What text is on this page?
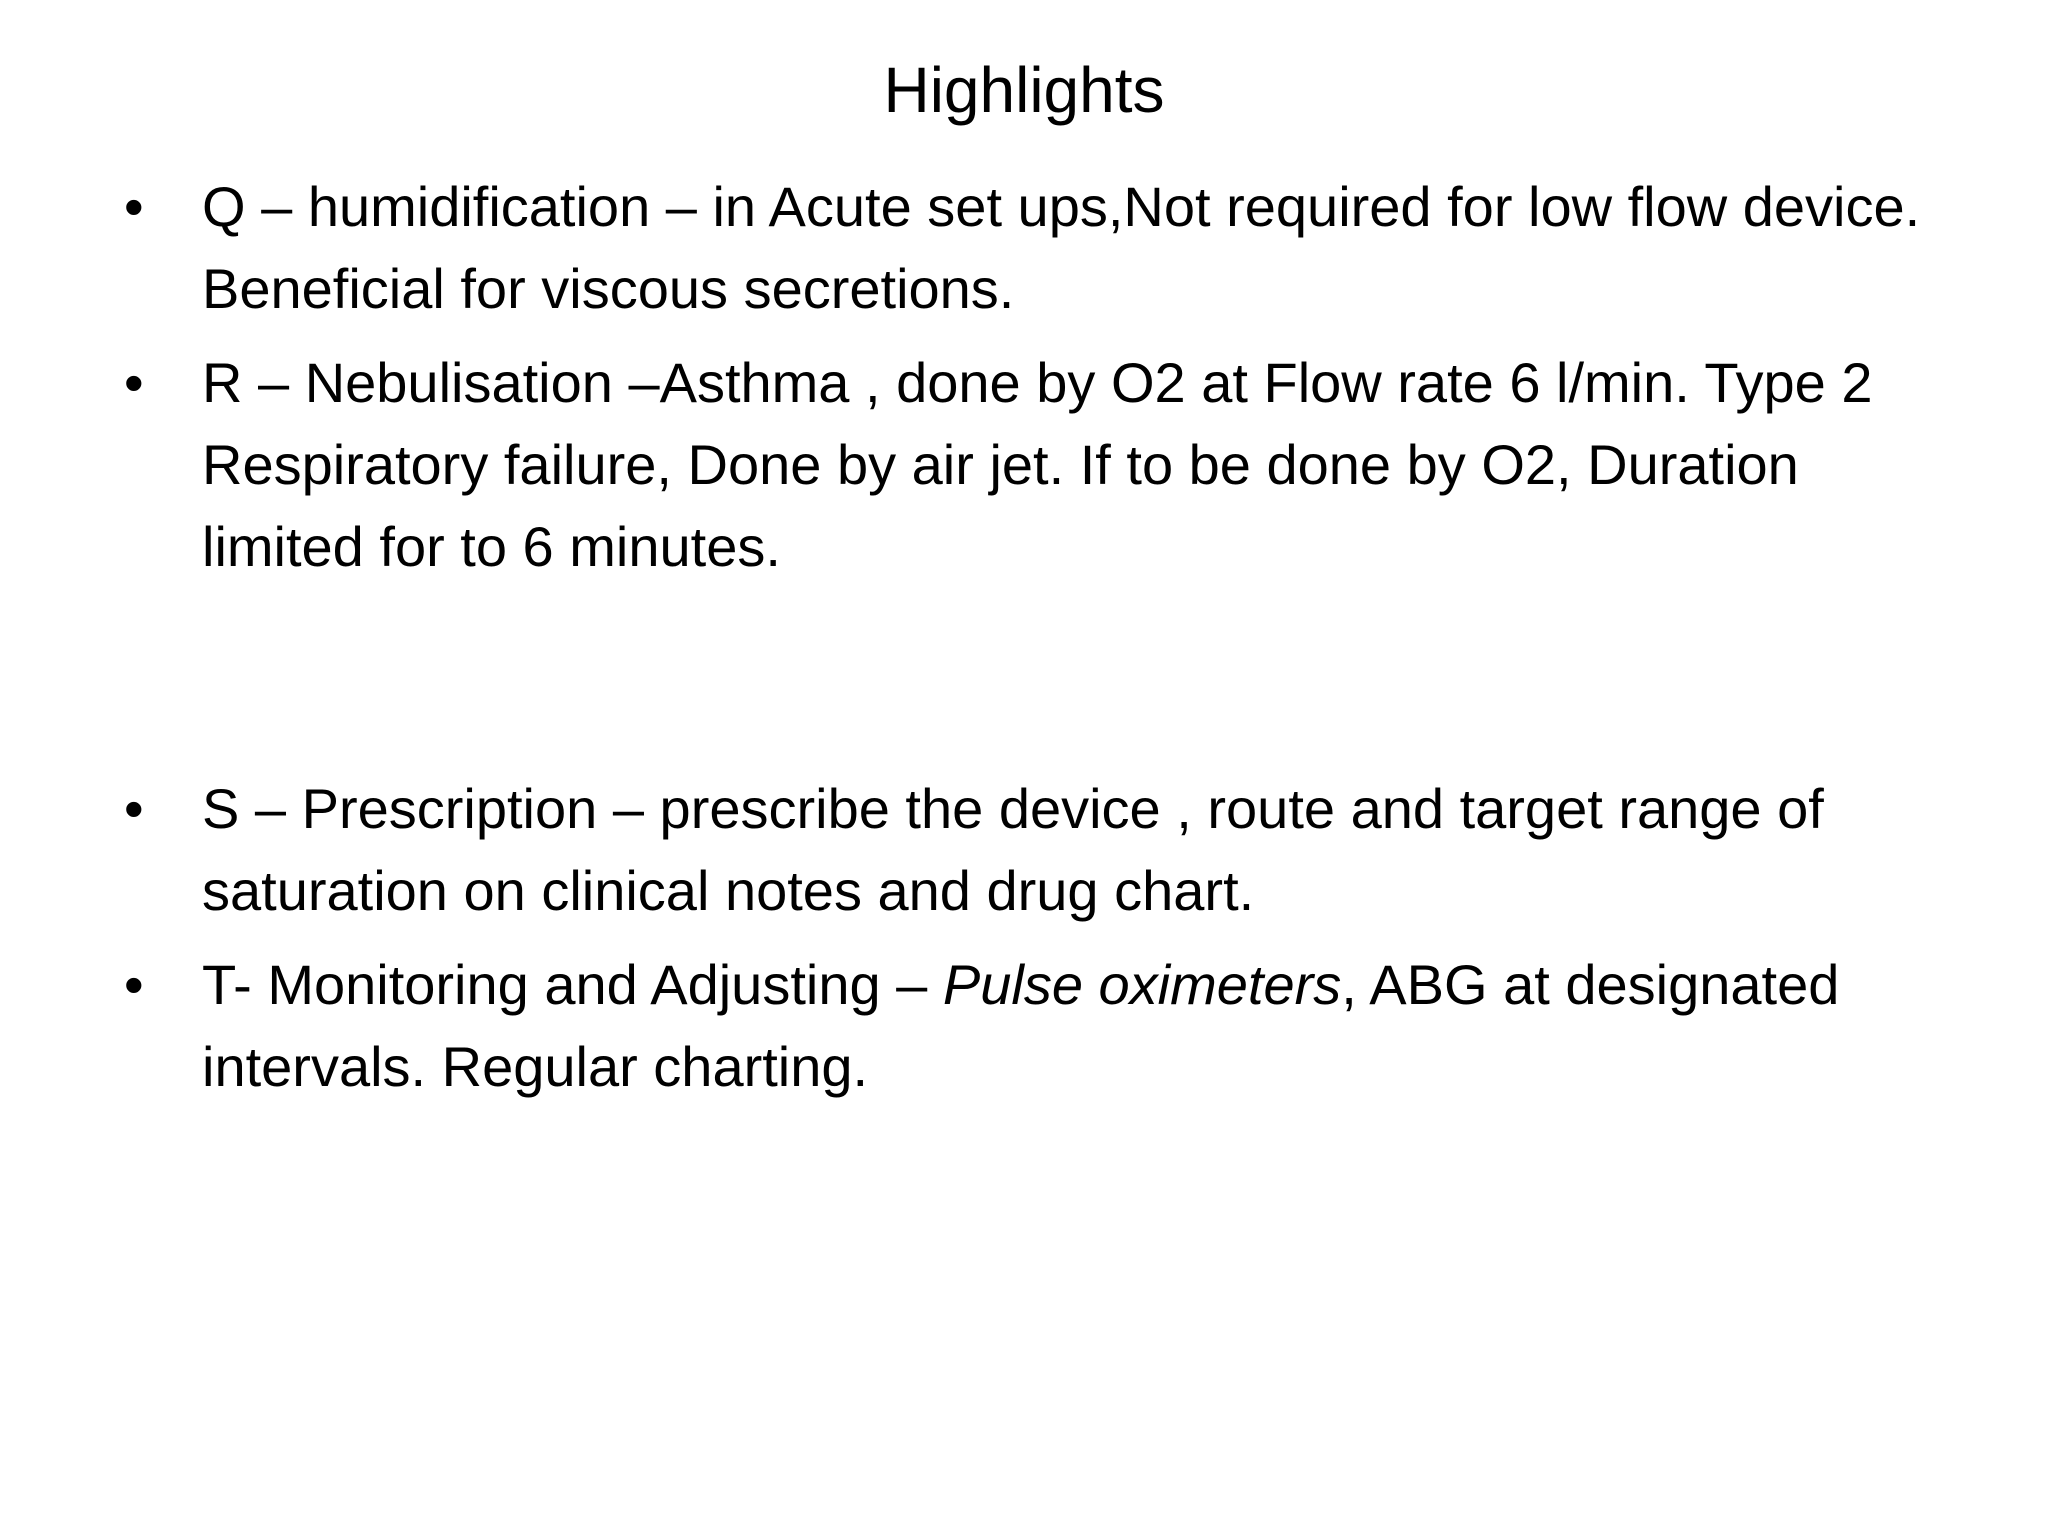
Highlights
• Q – humidification – in Acute set ups,Not required for low flow device. Beneficial for viscous secretions.
• R – Nebulisation –Asthma , done by O2 at Flow rate 6 l/min. Type 2 Respiratory failure, Done by air jet. If to be done by O2, Duration limited for to 6 minutes.
• S – Prescription – prescribe the device , route and target range of saturation on clinical notes and drug chart.
• T- Monitoring and Adjusting – Pulse oximeters, ABG at designated intervals. Regular charting.
